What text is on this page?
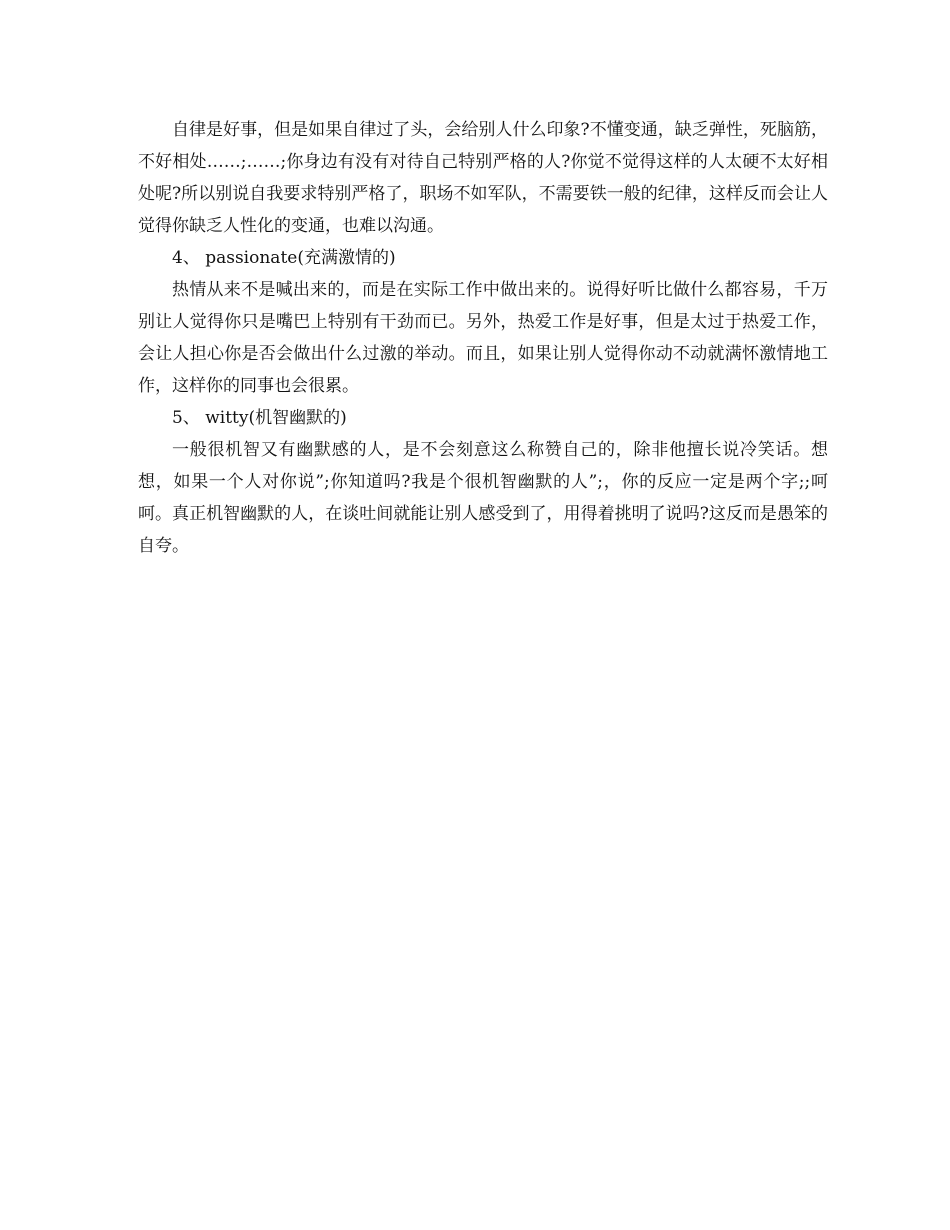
自律是好事，但是如果自律过了头，会给别人什么印象?不懂变通，缺乏弹性，死脑筋，不好相处……;……;你身边有没有对待自己特别严格的人?你觉不觉得这样的人太硬不太好相处呢?所以别说自我要求特别严格了，职场不如军队，不需要铁一般的纪律，这样反而会让人觉得你缺乏人性化的变通，也难以沟通。

4、 passionate(充满激情的)

热情从来不是喊出来的，而是在实际工作中做出来的。说得好听比做什么都容易，千万别让人觉得你只是嘴巴上特别有干劲而已。另外，热爱工作是好事，但是太过于热爱工作，会让人担心你是否会做出什么过激的举动。而且，如果让别人觉得你动不动就满怀激情地工作，这样你的同事也会很累。

5、 witty(机智幽默的)

一般很机智又有幽默感的人，是不会刻意这么称赞自己的，除非他擅长说冷笑话。想想，如果一个人对你说”;你知道吗?我是个很机智幽默的人”;，你的反应一定是两个字;;呵呵。真正机智幽默的人，在谈吐间就能让别人感受到了，用得着挑明了说吗?这反而是愚笨的自夸。
